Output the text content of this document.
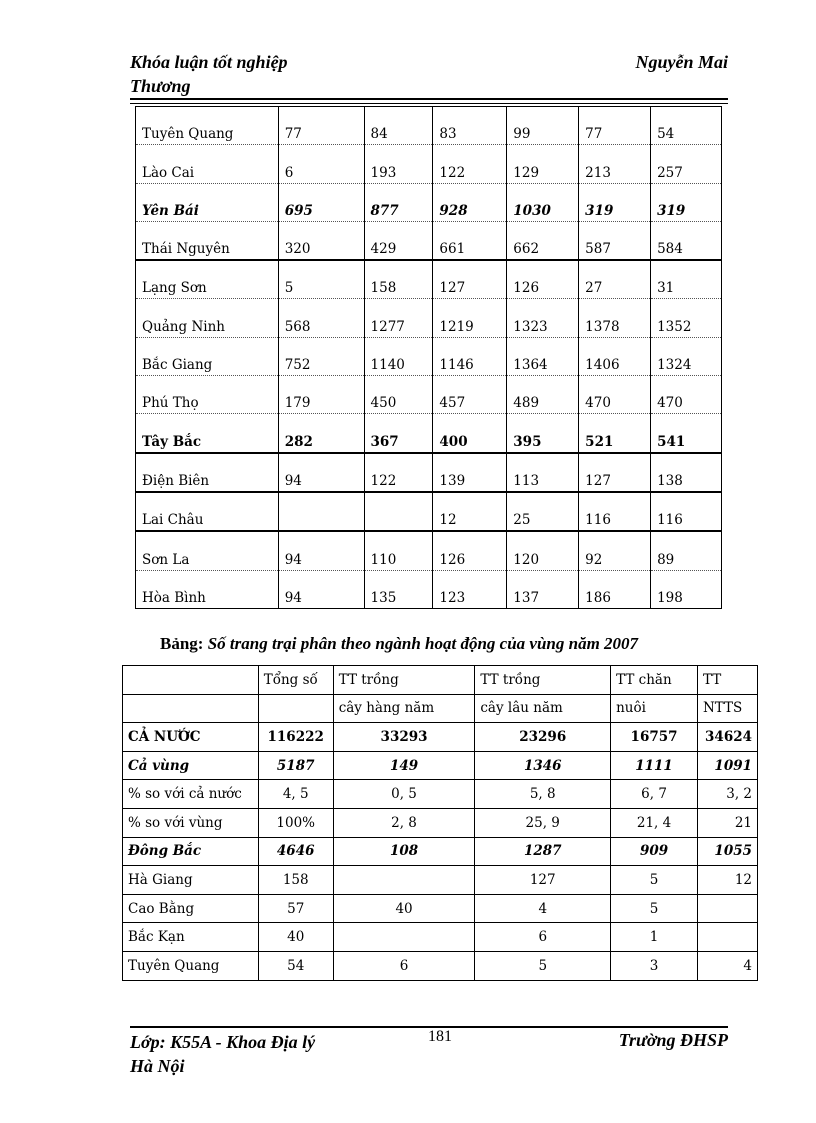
Khóa luận tốt nghiệp
Thương
Nguyễn Mai
Tuyên Quang	77	84	83	99	77	54
Lào Cai	6	193	122	129	213	257
Yên Bái	695	877	928	1030	319	319
Thái Nguyên	320	429	661	662	587	584
Lạng Sơn	5	158	127	126	27	31
Quảng Ninh	568	1277	1219	1323	1378	1352
Bắc Giang	752	1140	1146	1364	1406	1324
Phú Thọ	179	450	457	489	470	470
Tây Bắc	282	367	400	395	521	541
Điện Biên	94	122	139	113	127	138
Lai Châu			12	25	116	116
Sơn La	94	110	126	120	92	89
Hòa Bình	94	135	123	137	186	198
Bảng: Số trang trại phân theo ngành hoạt động của vùng năm 2007
	Tổng số	TT trồng	TT trồng	TT chăn	TT
		cây hàng năm	cây lâu năm	nuôi	NTTS
CẢ NƯỚC	116222	33293	23296	16757	34624
Cả vùng	5187	149	1346	1111	1091
% so với cả nước	4, 5	0, 5	5, 8	6, 7	3, 2
% so với vùng	100%	2, 8	25, 9	21, 4	21
Đông Bắc	4646	108	1287	909	1055
Hà Giang	158		127	5	12
Cao Bằng	57	40	4	5	
Bắc Kạn	40		6	1	
Tuyên Quang	54	6	5	3	4
Lớp: K55A - Khoa Địa lý
Hà Nội
181	Trường ĐHSP
